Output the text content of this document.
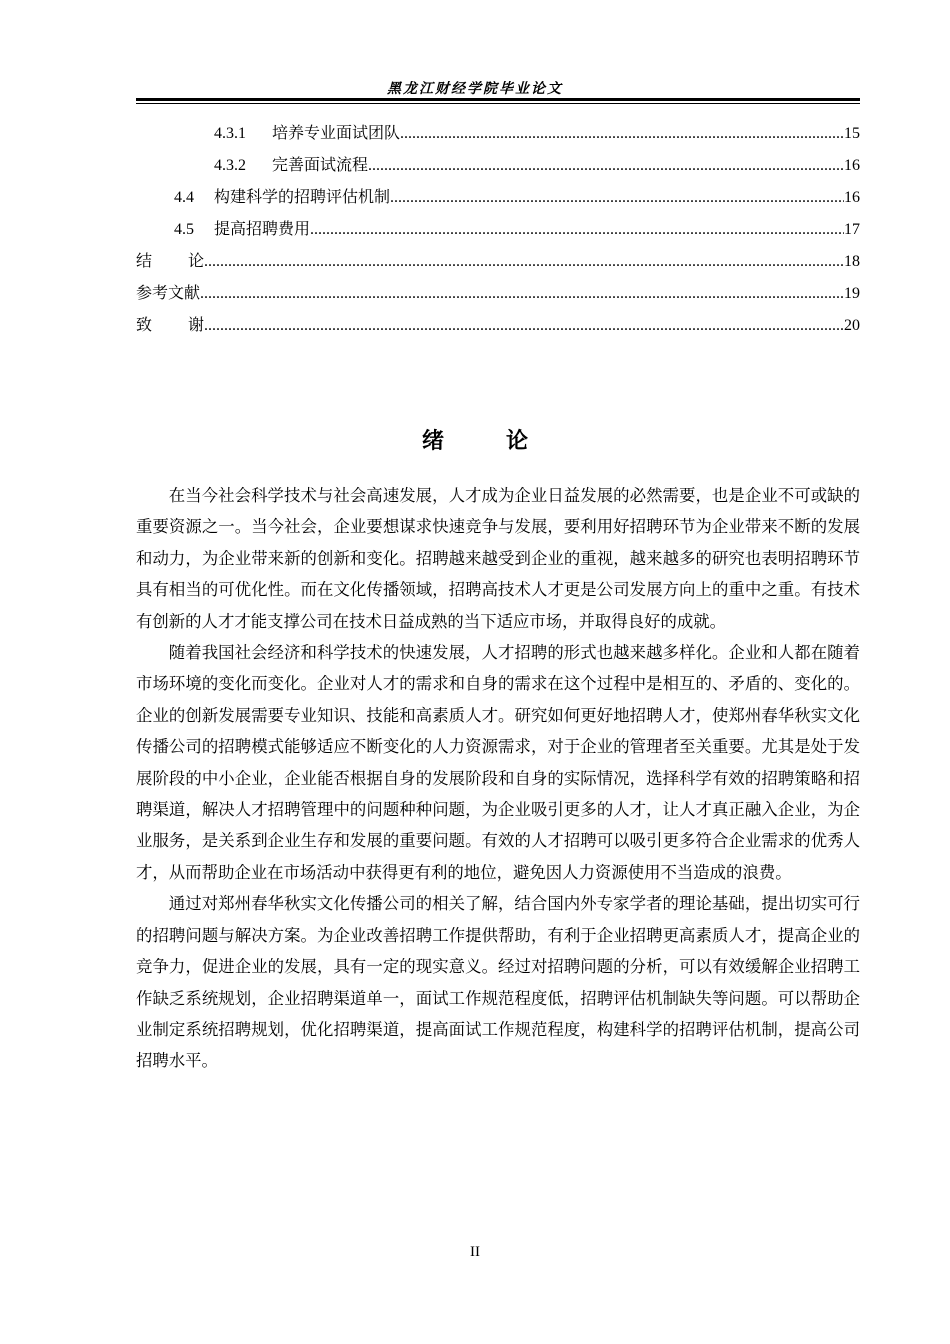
黑龙江财经学院毕业论文
4.3.1 培养专业面试团队 .....	15
4.3.2 完善面试流程 .....	16
4.4 构建科学的招聘评估机制 .....	16
4.5 提高招聘费用 .....	17
结论 .....	18
参考文献 .....	19
致谢 .....	20
绪	论

在当今社会科学技术与社会高速发展，人才成为企业日益发展的必然需要，也是企业不可或缺的重要资源之一。当今社会，企业要想谋求快速竞争与发展，要利用好招聘环节为企业带来不断的发展和动力，为企业带来新的创新和变化。招聘越来越受到企业的重视，越来越多的研究也表明招聘环节具有相当的可优化性。而在文化传播领域，招聘高技术人才更是公司发展方向上的重中之重。有技术有创新的人才才能支撑公司在技术日益成熟的当下适应市场，并取得良好的成就。

随着我国社会经济和科学技术的快速发展，人才招聘的形式也越来越多样化。企业和人都在随着市场环境的变化而变化。企业对人才的需求和自身的需求在这个过程中是相互的、矛盾的、变化的。企业的创新发展需要专业知识、技能和高素质人才。研究如何更好地招聘人才，使郑州春华秋实文化传播公司的招聘模式能够适应不断变化的人力资源需求，对于企业的管理者至关重要。尤其是处于发展阶段的中小企业，企业能否根据自身的发展阶段和自身的实际情况，选择科学有效的招聘策略和招聘渠道，解决人才招聘管理中的问题种种问题，为企业吸引更多的人才，让人才真正融入企业，为企业服务，是关系到企业生存和发展的重要问题。有效的人才招聘可以吸引更多符合企业需求的优秀人才，从而帮助企业在市场活动中获得更有利的地位，避免因人力资源使用不当造成的浪费。

通过对郑州春华秋实文化传播公司的相关了解，结合国内外专家学者的理论基础，提出切实可行的招聘问题与解决方案。为企业改善招聘工作提供帮助，有利于企业招聘更高素质人才，提高企业的竞争力，促进企业的发展，具有一定的现实意义。经过对招聘问题的分析，可以有效缓解企业招聘工作缺乏系统规划，企业招聘渠道单一，面试工作规范程度低，招聘评估机制缺失等问题。可以帮助企业制定系统招聘规划，优化招聘渠道，提高面试工作规范程度，构建科学的招聘评估机制，提高公司招聘水平。

II
